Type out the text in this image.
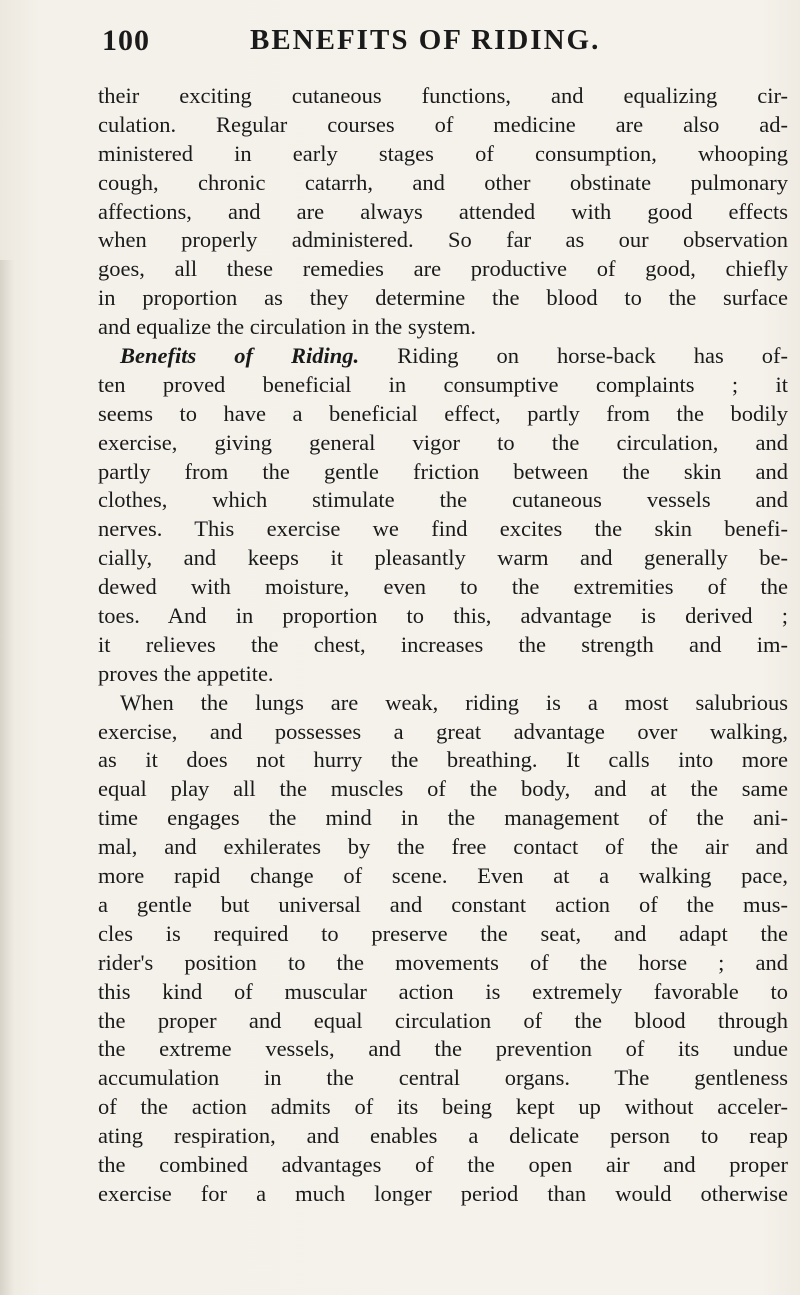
100	BENEFITS OF RIDING.
their exciting cutaneous functions, and equalizing cir-
culation. Regular courses of medicine are also ad-
ministered in early stages of consumption, whooping
cough, chronic catarrh, and other obstinate pulmonary
affections, and are always attended with good effects
when properly administered. So far as our observation
goes, all these remedies are productive of good, chiefly
in proportion as they determine the blood to the surface
and equalize the circulation in the system.
Benefits of Riding. Riding on horse-back has of-
ten proved beneficial in consumptive complaints ; it
seems to have a beneficial effect, partly from the bodily
exercise, giving general vigor to the circulation, and
partly from the gentle friction between the skin and
clothes, which stimulate the cutaneous vessels and
nerves. This exercise we find excites the skin benefi-
cially, and keeps it pleasantly warm and generally be-
dewed with moisture, even to the extremities of the
toes. And in proportion to this, advantage is derived ;
it relieves the chest, increases the strength and im-
proves the appetite.
When the lungs are weak, riding is a most salubrious
exercise, and possesses a great advantage over walking,
as it does not hurry the breathing. It calls into more
equal play all the muscles of the body, and at the same
time engages the mind in the management of the ani-
mal, and exhilerates by the free contact of the air and
more rapid change of scene. Even at a walking pace,
a gentle but universal and constant action of the mus-
cles is required to preserve the seat, and adapt the
rider's position to the movements of the horse ; and
this kind of muscular action is extremely favorable to
the proper and equal circulation of the blood through
the extreme vessels, and the prevention of its undue
accumulation in the central organs. The gentleness
of the action admits of its being kept up without acceler-
ating respiration, and enables a delicate person to reap
the combined advantages of the open air and proper
exercise for a much longer period than would otherwise
